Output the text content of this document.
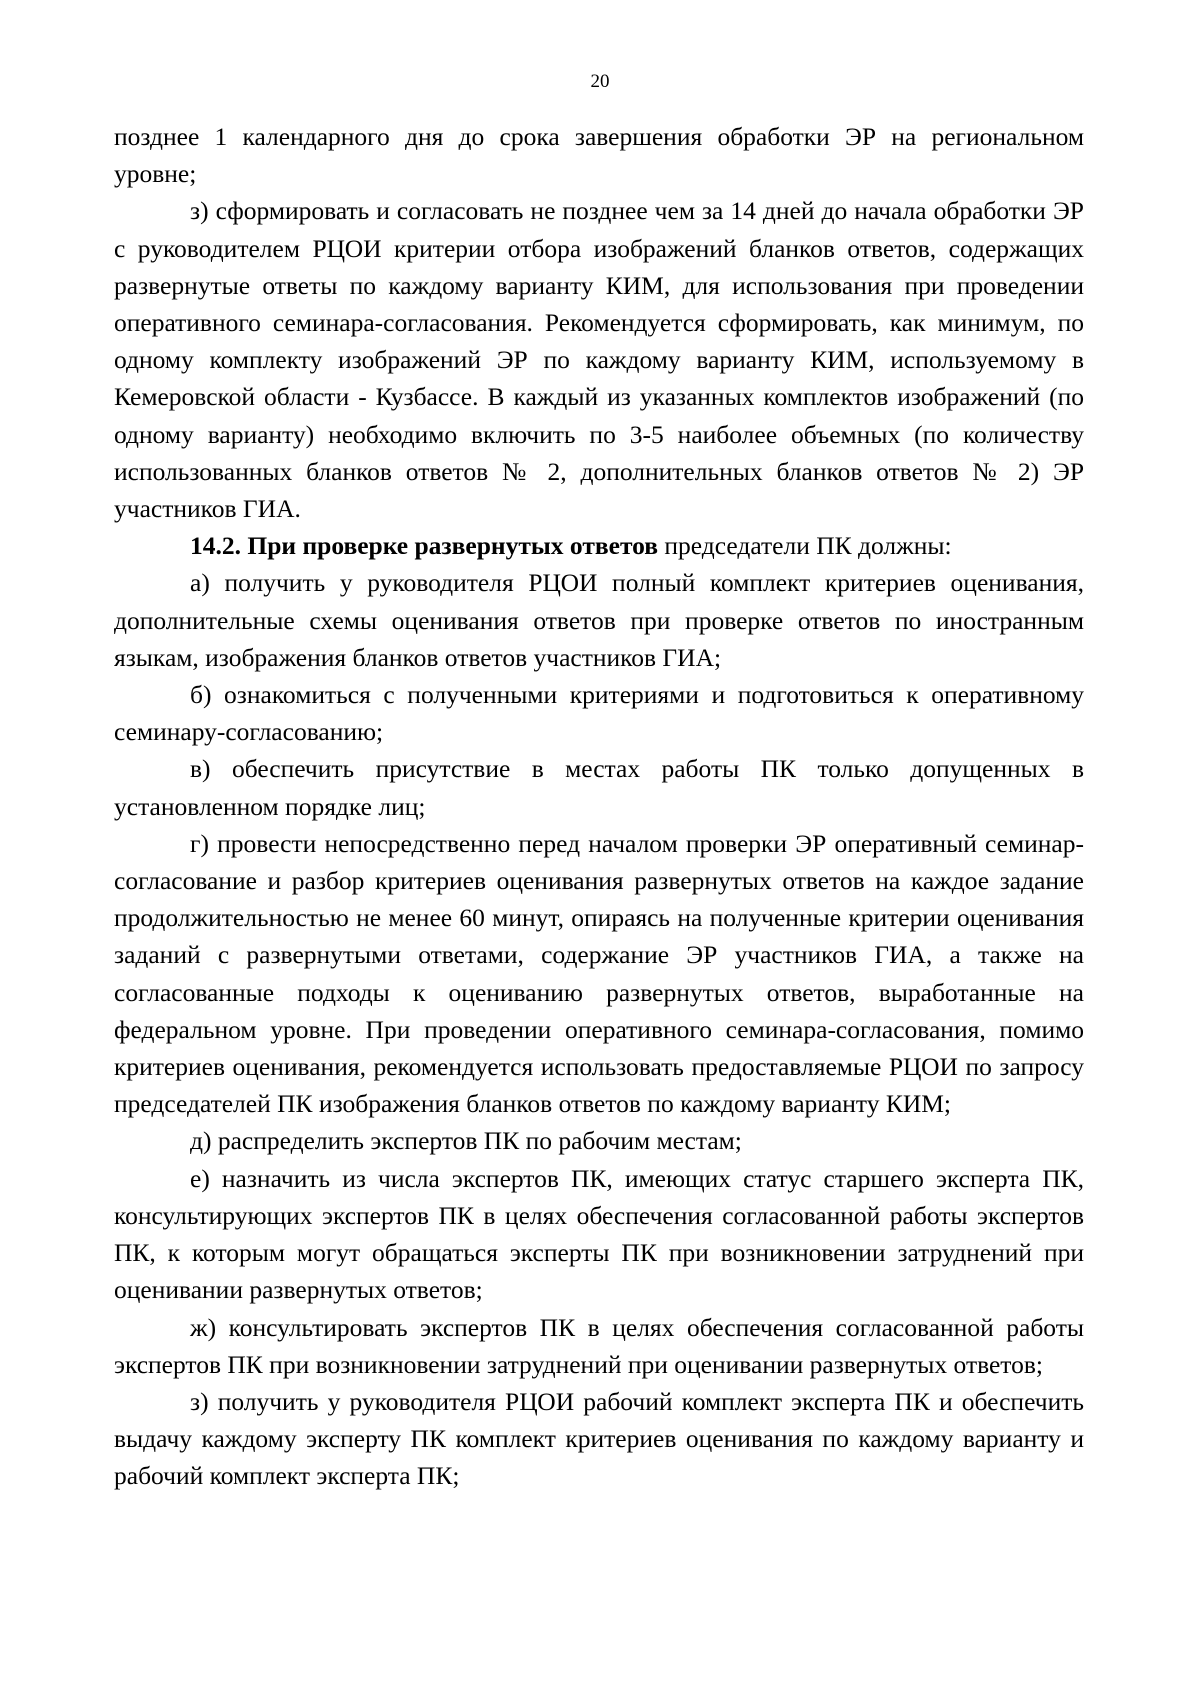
20

позднее 1 календарного дня до срока завершения обработки ЭР на региональном уровне;

з) сформировать и согласовать не позднее чем за 14 дней до начала обработки ЭР с руководителем РЦОИ критерии отбора изображений бланков ответов, содержащих развернутые ответы по каждому варианту КИМ, для использования при проведении оперативного семинара-согласования. Рекомендуется сформировать, как минимум, по одному комплекту изображений ЭР по каждому варианту КИМ, используемому в Кемеровской области - Кузбассе. В каждый из указанных комплектов изображений (по одному варианту) необходимо включить по 3-5 наиболее объемных (по количеству использованных бланков ответов № 2, дополнительных бланков ответов № 2) ЭР участников ГИА.

14.2. При проверке развернутых ответов председатели ПК должны:

а) получить у руководителя РЦОИ полный комплект критериев оценивания, дополнительные схемы оценивания ответов при проверке ответов по иностранным языкам, изображения бланков ответов участников ГИА;

б) ознакомиться с полученными критериями и подготовиться к оперативному семинару-согласованию;

в) обеспечить присутствие в местах работы ПК только допущенных в установленном порядке лиц;

г) провести непосредственно перед началом проверки ЭР оперативный семинар-согласование и разбор критериев оценивания развернутых ответов на каждое задание продолжительностью не менее 60 минут, опираясь на полученные критерии оценивания заданий с развернутыми ответами, содержание ЭР участников ГИА, а также на согласованные подходы к оцениванию развернутых ответов, выработанные на федеральном уровне. При проведении оперативного семинара-согласования, помимо критериев оценивания, рекомендуется использовать предоставляемые РЦОИ по запросу председателей ПК изображения бланков ответов по каждому варианту КИМ;

д) распределить экспертов ПК по рабочим местам;

е) назначить из числа экспертов ПК, имеющих статус старшего эксперта ПК, консультирующих экспертов ПК в целях обеспечения согласованной работы экспертов ПК, к которым могут обращаться эксперты ПК при возникновении затруднений при оценивании развернутых ответов;

ж) консультировать экспертов ПК в целях обеспечения согласованной работы экспертов ПК при возникновении затруднений при оценивании развернутых ответов;

з) получить у руководителя РЦОИ рабочий комплект эксперта ПК и обеспечить выдачу каждому эксперту ПК комплект критериев оценивания по каждому варианту и рабочий комплект эксперта ПК;
